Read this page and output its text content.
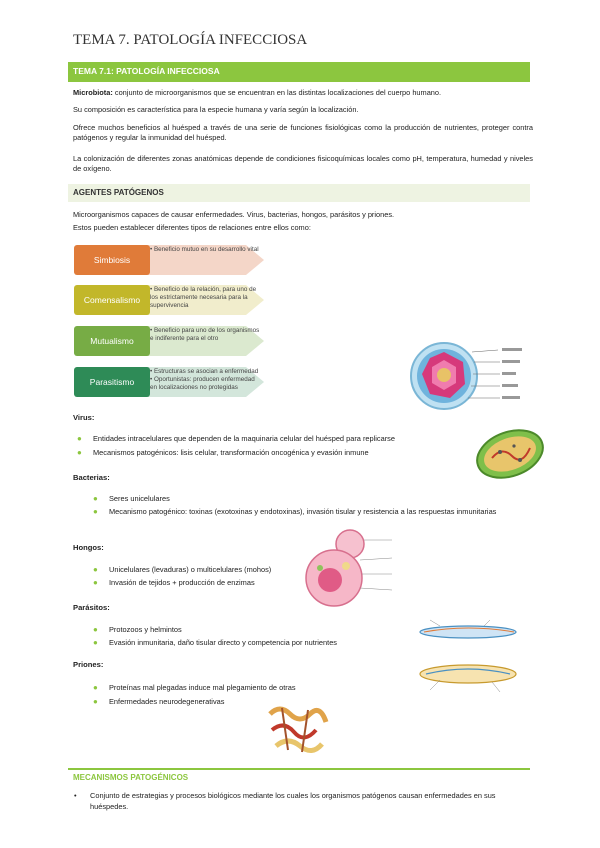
TEMA 7. PATOLOGÍA INFECCIOSA
TEMA 7.1: PATOLOGÍA INFECCIOSA
Microbiota: conjunto de microorganismos que se encuentran en las distintas localizaciones del cuerpo humano.
Su composición es característica para la especie humana y varía según la localización.
Ofrece muchos beneficios al huésped a través de una serie de funciones fisiológicas como la producción de nutrientes, proteger contra patógenos y regular la inmunidad del huésped.
La colonización de diferentes zonas anatómicas depende de condiciones fisicoquímicas locales como pH, temperatura, humedad y niveles de oxígeno.
AGENTES PATÓGENOS
Microorganismos capaces de causar enfermedades. Virus, bacterias, hongos, parásitos y priones.
Estos pueden establecer diferentes tipos de relaciones entre ellos como:
Simbiosis
• Beneficio mutuo en su desarrollo vital
Comensalismo
• Beneficio de la relación, para uno de los estrictamente necesaria para la supervivencia
Mutualismo
• Beneficio para uno de los organismos e indiferente para el otro
Parasitismo
• Estructuras se asocian a enfermedad • Oportunistas: producen enfermedad en localizaciones no protegidas
Virus:
● Entidades intracelulares que dependen de la maquinaria celular del huésped para replicarse
● Mecanismos patogénicos: lisis celular, transformación oncogénica y evasión inmune
Bacterias:
● Seres unicelulares
● Mecanismo patogénico: toxinas (exotoxinas y endotoxinas), invasión tisular y resistencia a las respuestas inmunitarias
Hongos:
● Unicelulares (levaduras) o multicelulares (mohos)
● Invasión de tejidos + producción de enzimas
Parásitos:
● Protozoos y helmintos
● Evasión inmunitaria, daño tisular directo y competencia por nutrientes
Priones:
● Proteínas mal plegadas induce mal plegamiento de otras
● Enfermedades neurodegenerativas
MECANISMOS PATOGÉNICOS
•	Conjunto de estrategias y procesos biológicos mediante los cuales los organismos patógenos causan enfermedades en sus huéspedes.
